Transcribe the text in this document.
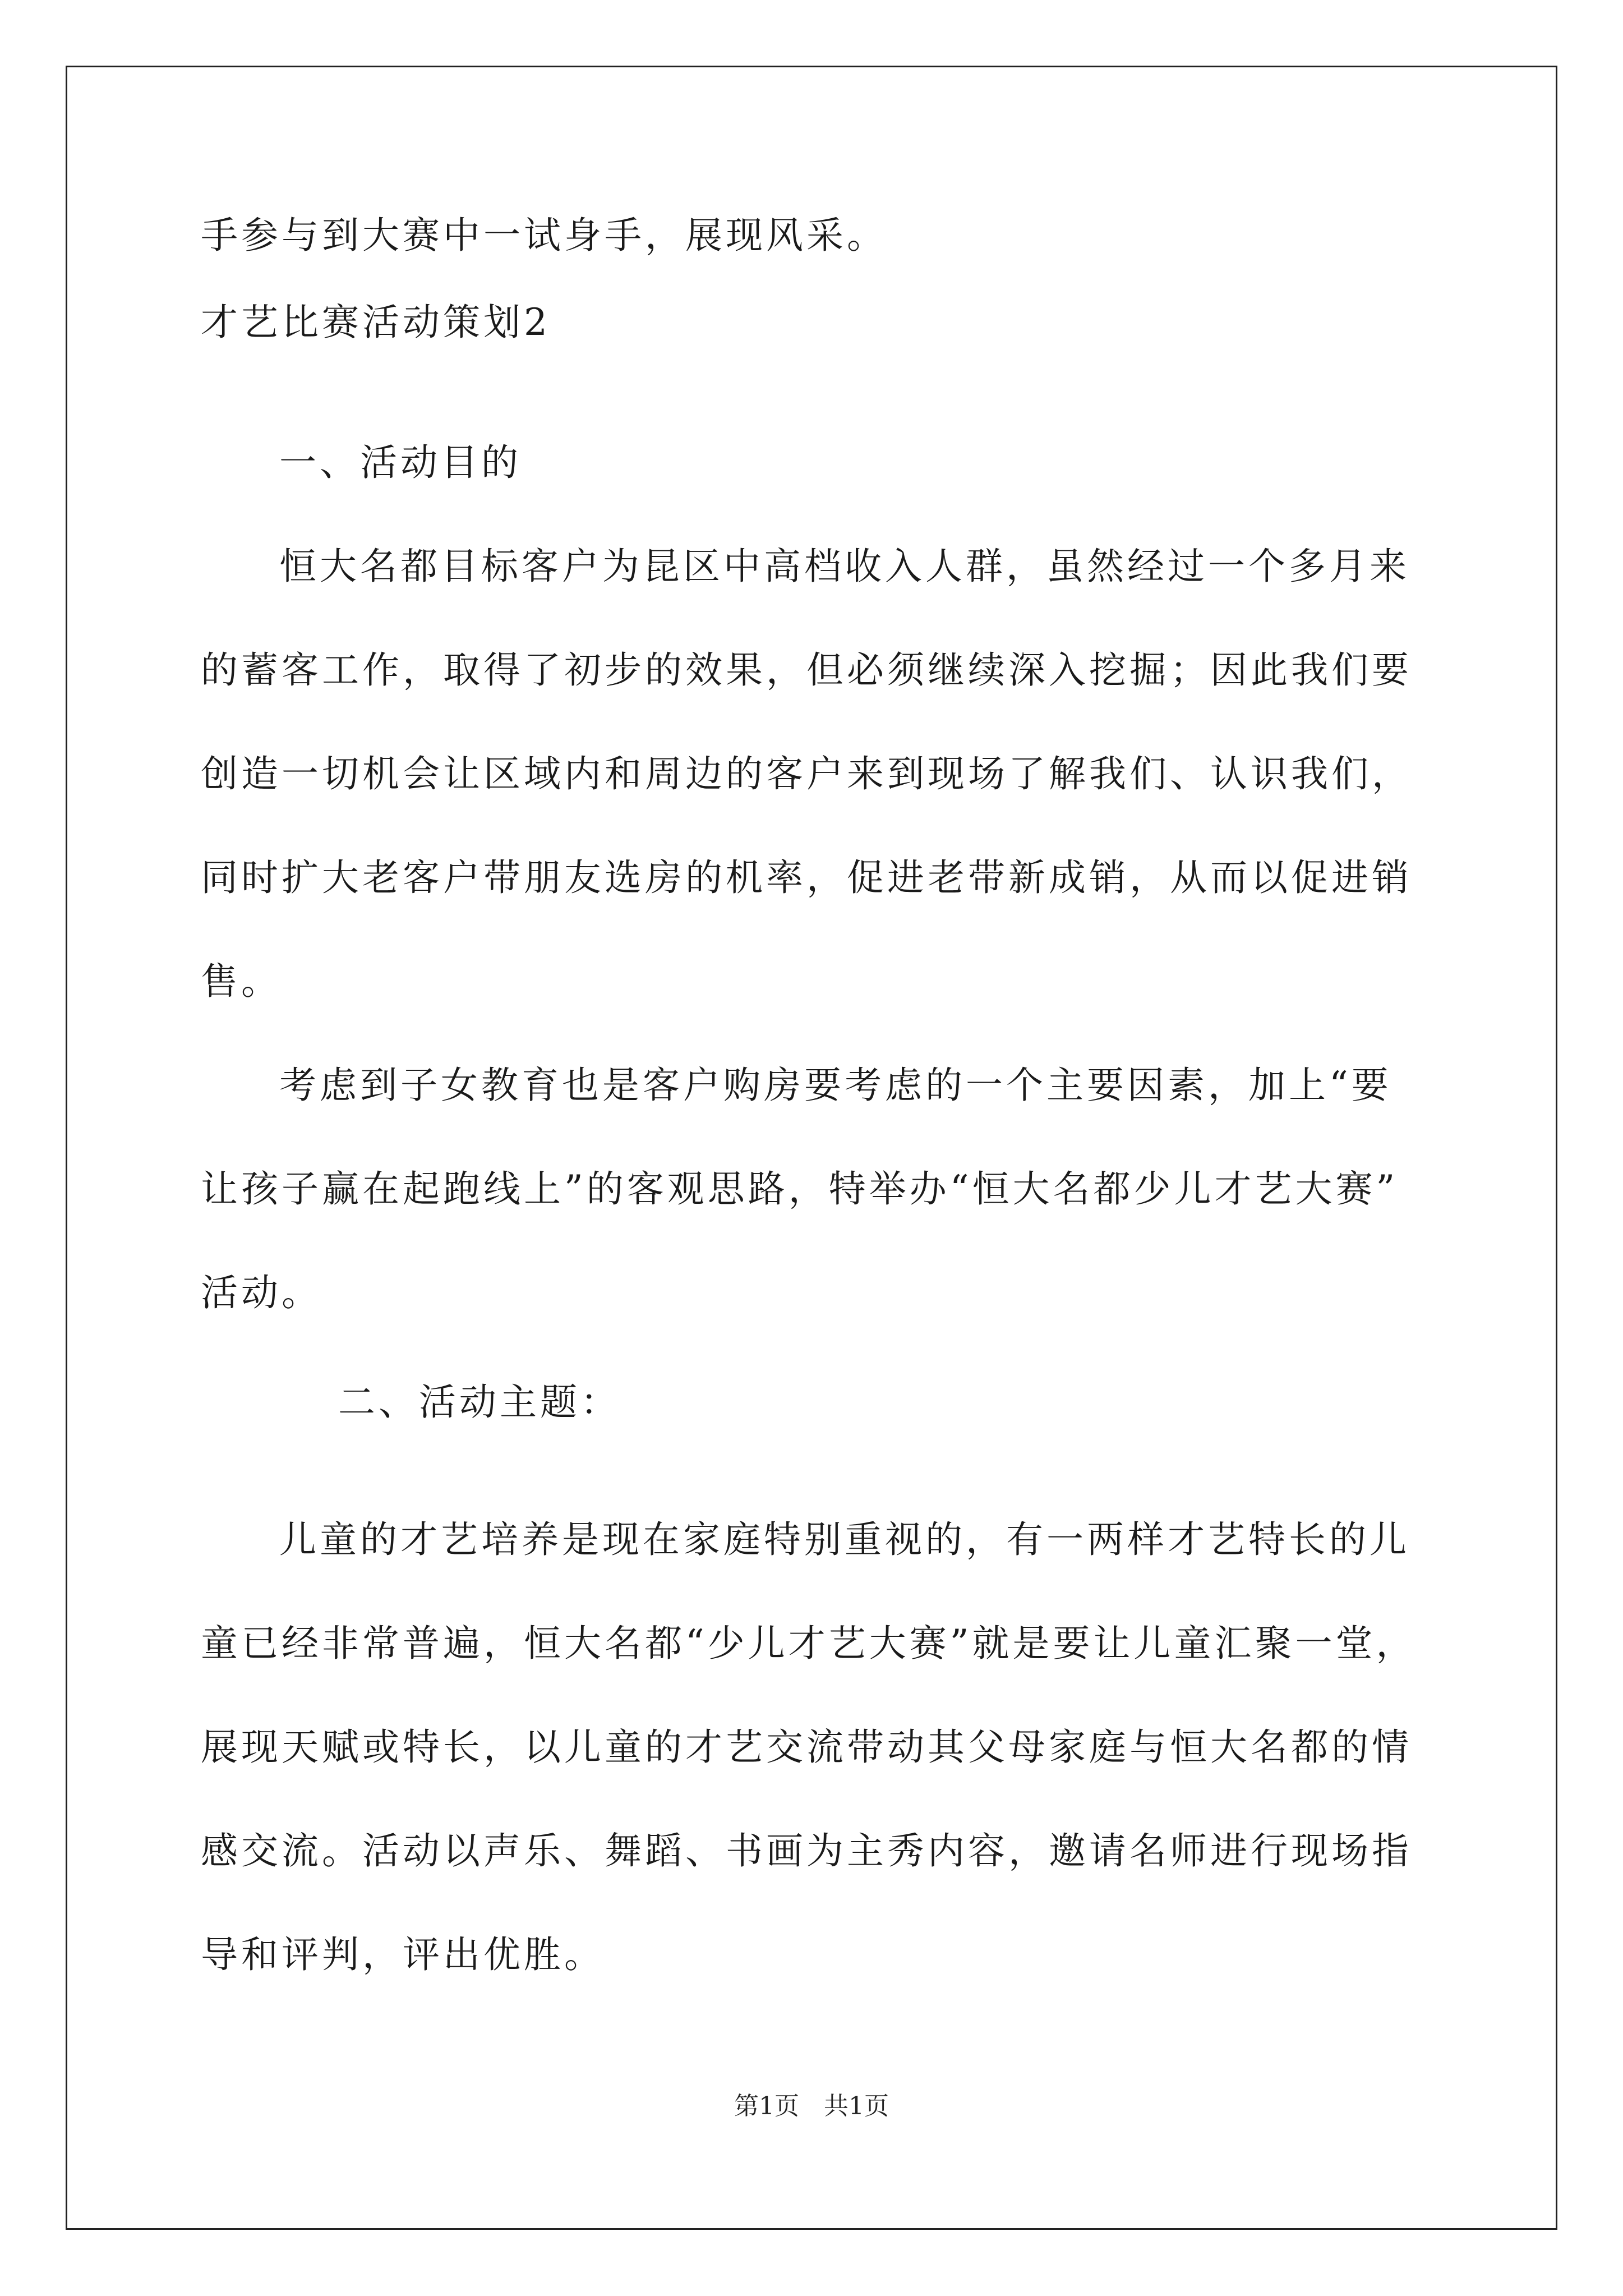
手参与到大赛中一试身手，展现风采。
才艺比赛活动策划2
一、活动目的
恒大名都目标客户为昆区中高档收入人群，虽然经过一个多月来
的蓄客工作，取得了初步的效果，但必须继续深入挖掘；因此我们要
创造一切机会让区域内和周边的客户来到现场了解我们、认识我们，
同时扩大老客户带朋友选房的机率，促进老带新成销，从而以促进销
售。
考虑到子女教育也是客户购房要考虑的一个主要因素，加上“要
让孩子赢在起跑线上”的客观思路，特举办“恒大名都少儿才艺大赛”
活动。
二、活动主题：
儿童的才艺培养是现在家庭特别重视的，有一两样才艺特长的儿
童已经非常普遍，恒大名都“少儿才艺大赛”就是要让儿童汇聚一堂，
展现天赋或特长，以儿童的才艺交流带动其父母家庭与恒大名都的情
感交流。活动以声乐、舞蹈、书画为主秀内容，邀请名师进行现场指
导和评判，评出优胜。
第1页　共1页
